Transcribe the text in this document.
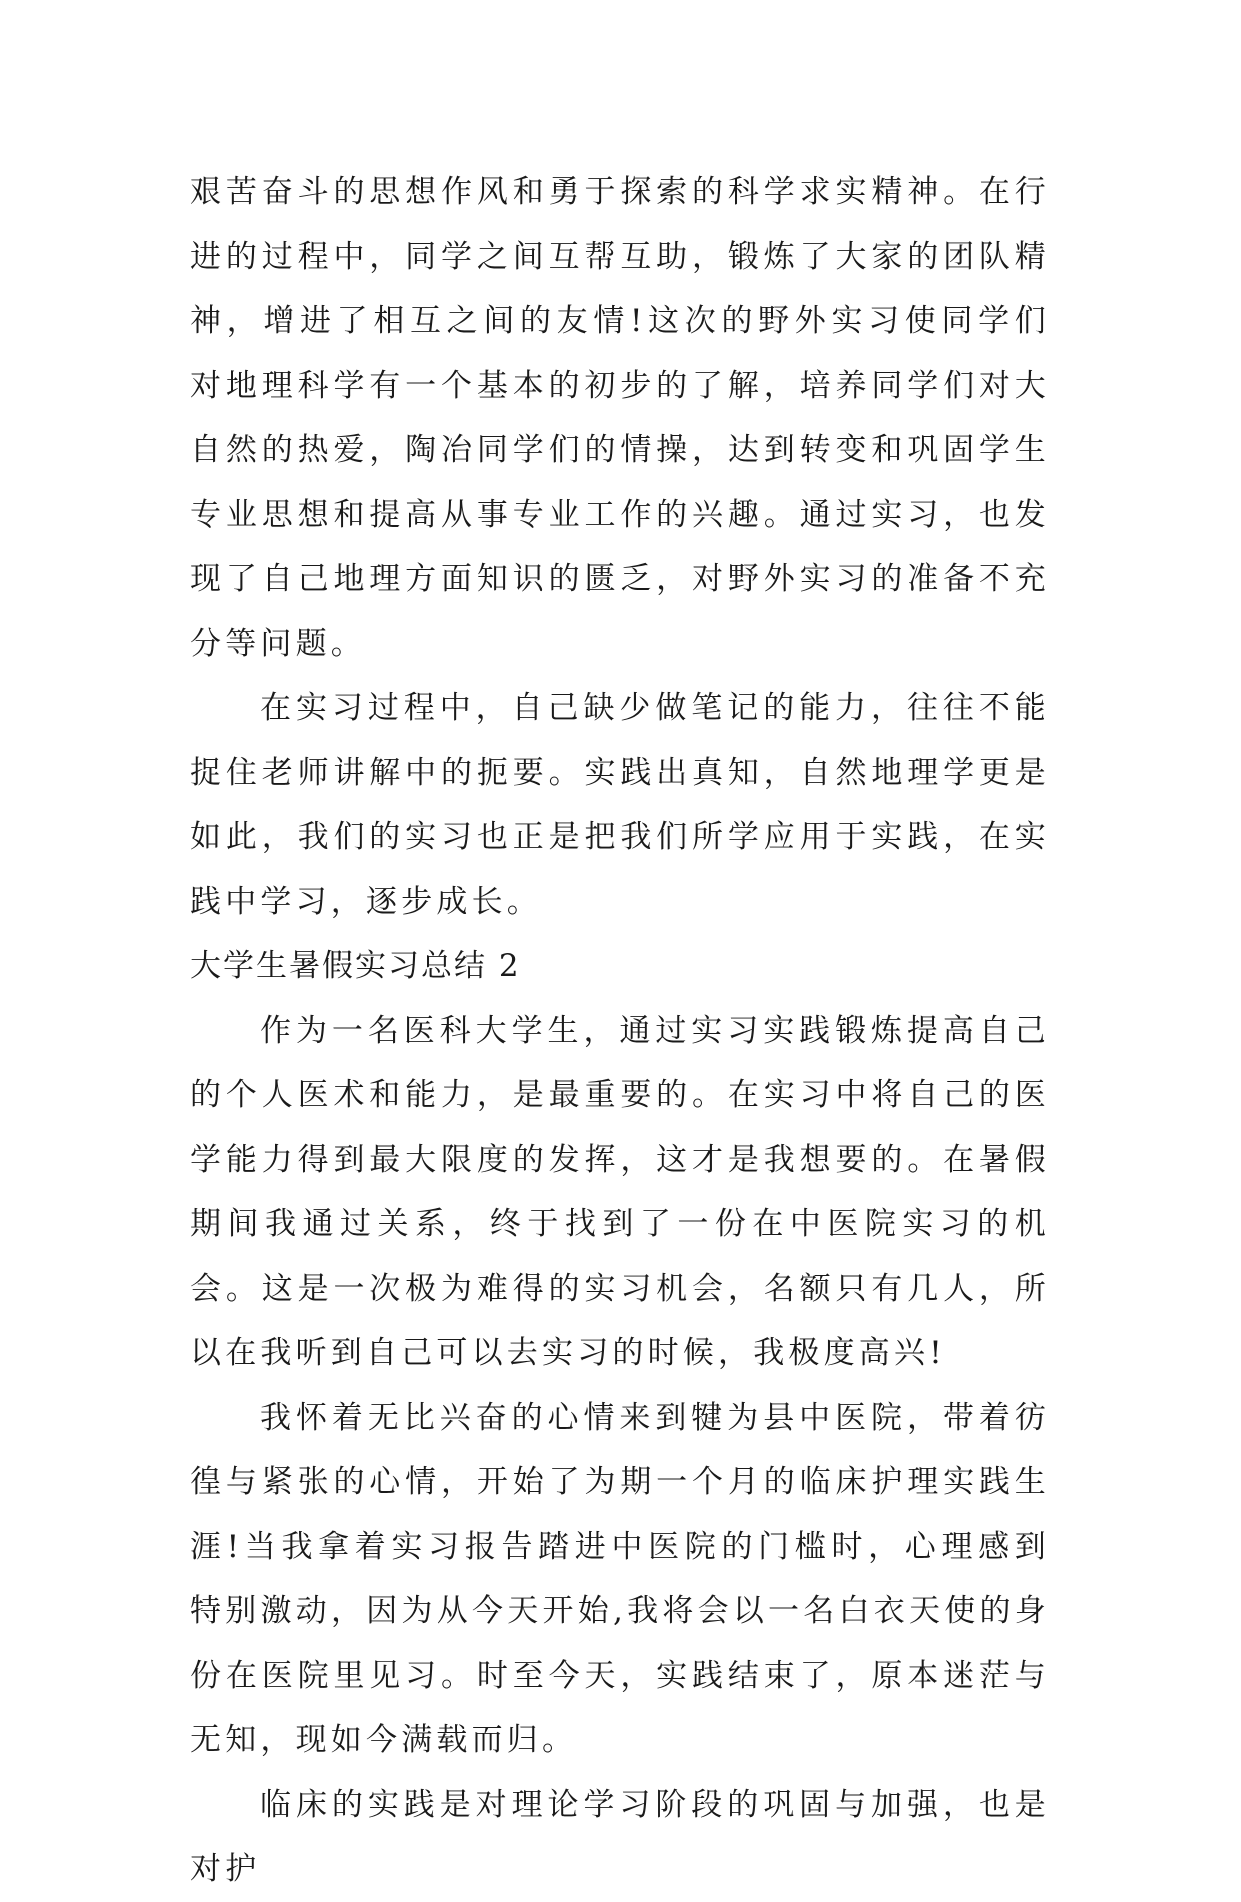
艰苦奋斗的思想作风和勇于探索的科学求实精神。在行进的过程中，同学之间互帮互助，锻炼了大家的团队精神，增进了相互之间的友情!这次的野外实习使同学们对地理科学有一个基本的初步的了解，培养同学们对大自然的热爱，陶冶同学们的情操，达到转变和巩固学生专业思想和提高从事专业工作的兴趣。通过实习，也发现了自己地理方面知识的匮乏，对野外实习的准备不充分等问题。

在实习过程中，自己缺少做笔记的能力，往往不能捉住老师讲解中的扼要。实践出真知，自然地理学更是如此，我们的实习也正是把我们所学应用于实践，在实践中学习，逐步成长。

大学生暑假实习总结 2

作为一名医科大学生，通过实习实践锻炼提高自己的个人医术和能力，是最重要的。在实习中将自己的医学能力得到最大限度的发挥，这才是我想要的。在暑假期间我通过关系，终于找到了一份在中医院实习的机会。这是一次极为难得的实习机会，名额只有几人，所以在我听到自己可以去实习的时候，我极度高兴!

我怀着无比兴奋的心情来到犍为县中医院，带着彷徨与紧张的心情，开始了为期一个月的临床护理实践生涯!当我拿着实习报告踏进中医院的门槛时，心理感到特别激动，因为从今天开始,我将会以一名白衣天使的身份在医院里见习。时至今天，实践结束了，原本迷茫与无知，现如今满载而归。

临床的实践是对理论学习阶段的巩固与加强，也是对护
